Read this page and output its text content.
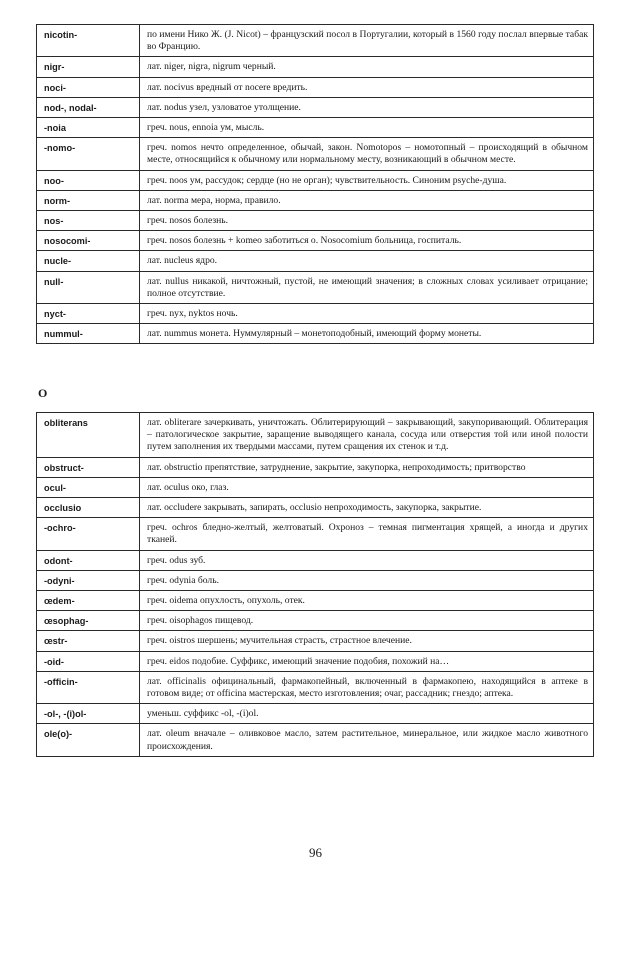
nicotin-	по имени Нико Ж. (J. Nicot) – французский посол в Португалии, который в 1560 году послал впервые табак во Францию.
nigr-	лат. niger, nigra, nigrum черный.
noci-	лат. nocivus вредный от nocere вредить.
nod-, nodal-	лат. nodus узел, узловатое утолщение.
-noia	греч. nous, ennoia ум, мысль.
-nomo-	греч. nomos нечто определенное, обычай, закон. Nomotopos – номотопный – происходящий в обычном месте, относящийся к обычному или нормальному месту, возникающий в обычном месте.
noo-	греч. noos ум, рассудок; сердце (но не орган); чувствительность. Синоним psyche-душа.
norm-	лат. norma мера, норма, правило.
nos-	греч. nosos болезнь.
nosocomi-	греч. nosos болезнь + komeo заботиться о. Nosocomium больница, госпиталь.
nucle-	лат. nucleus ядро.
null-	лат. nullus никакой, ничтожный, пустой, не имеющий значения; в сложных словах усиливает отрицание; полное отсутствие.
nyct-	греч. nyx, nyktos ночь.
nummul-	лат. nummus монета. Нуммулярный – монетоподобный, имеющий форму монеты.
O
obliterans	лат. obliterare зачеркивать, уничтожать. Облитерирующий – закрывающий, закупоривающий. Облитерация – патологическое закрытие, заращение выводящего канала, сосуда или отверстия той или иной полости путем заполнения их твердыми массами, путем сращения их стенок и т.д.
obstruct-	лат. obstructio препятствие, затруднение, закрытие, закупорка, непроходимость; притворство
ocul-	лат. oculus око, глаз.
occlusio	лат. occludere закрывать, запирать, occlusio непроходимость, закупорка, закрытие.
-ochro-	греч. ochros бледно-желтый, желтоватый. Охроноз – темная пигментация хрящей, а иногда и других тканей.
odont-	греч. odus зуб.
-odyni-	греч. odynia боль.
œdem-	греч. oidema опухлость, опухоль, отек.
œsophag-	греч. oisophagos пищевод.
œstr-	греч. oistros шершень; мучительная страсть, страстное влечение.
-oid-	греч. eidos подобие. Суффикс, имеющий значение подобия, похожий на…
-officin-	лат. officinalis официнальный, фармакопейный, включенный в фармакопею, находящийся в аптеке в готовом виде; от officina мастерская, место изготовления; очаг, рассадник; гнездо; аптека.
-ol-, -(i)ol-	уменьш. суффикс -ol, -(i)ol.
ole(o)-	лат. oleum вначале – оливковое масло, затем растительное, минеральное, или жидкое масло животного происхождения.
96
